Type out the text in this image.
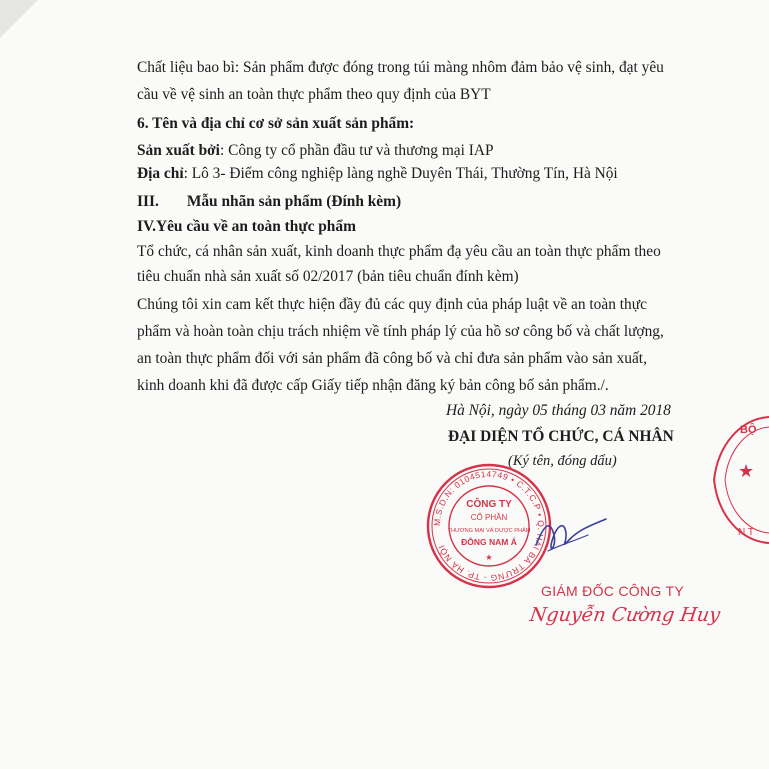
Chất liệu bao bì: Sản phẩm được đóng trong túi màng nhôm đảm bảo vệ sinh, đạt yêu
cầu về vệ sinh an toàn thực phẩm theo quy định của BYT
6. Tên và địa chỉ cơ sở sản xuất sản phẩm:
Sản xuất bởi: Công ty cổ phần đầu tư và thương mại IAP
Địa chỉ: Lô 3- Điểm công nghiệp làng nghề Duyên Thái, Thường Tín, Hà Nội
III. Mẫu nhãn sản phẩm (Đính kèm)
IV.Yêu cầu về an toàn thực phẩm
Tổ chức, cá nhân sản xuất, kinh doanh thực phẩm đạ yêu cầu an toàn thực phẩm theo
tiêu chuẩn nhà sản xuất số 02/2017 (bản tiêu chuẩn đính kèm)
Chúng tôi xin cam kết thực hiện đầy đủ các quy định của pháp luật về an toàn thực
phẩm và hoàn toàn chịu trách nhiệm về tính pháp lý của hồ sơ công bố và chất lượng,
an toàn thực phẩm đối với sản phẩm đã công bố và chỉ đưa sản phẩm vào sản xuất,
kinh doanh khi đã được cấp Giấy tiếp nhận đăng ký bản công bố sản phẩm./.
Hà Nội, ngày 05 tháng 03 năm 2018
ĐẠI DIỆN TỔ CHỨC, CÁ NHÂN
(Ký tên, đóng dấu)
M.S.D.N: 0104514749 • C.T.C.P • Q. HAI BÀ TRƯNG - TP. HÀ NỘI
CÔNG TY
CỔ PHẦN
THƯƠNG MẠI VÀ DƯỢC PHẨM
ĐÔNG NAM Á
★
GIÁM ĐỐC CÔNG TY
Nguyễn Cường Huy
BỘ
★
N T
